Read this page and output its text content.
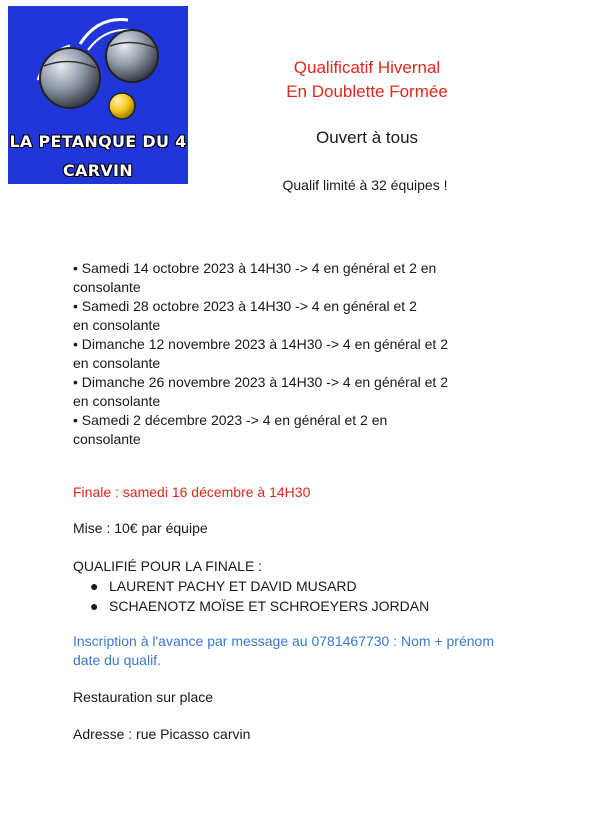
LA PETANQUE DU 4
CARVIN
Qualificatif Hivernal
En Doublette Formée
Ouvert à tous
Qualif limité à 32 équipes !
• Samedi 14 octobre 2023 à 14H30 -> 4 en général et 2 en
consolante
• Samedi 28 octobre 2023 à 14H30 -> 4 en général et 2
en consolante
• Dimanche 12 novembre 2023 à 14H30 -> 4 en général et 2
en consolante
• Dimanche 26 novembre 2023 à 14H30 -> 4 en général et 2
en consolante
• Samedi 2 décembre 2023 -> 4 en général et 2 en
consolante
Finale : samedi 16 décembre à 14H30
Mise : 10€ par équipe
QUALIFIÉ POUR LA FINALE :
● LAURENT PACHY ET DAVID MUSARD
● SCHAENOTZ MOÏSE ET SCHROEYERS JORDAN
Inscription à l'avance par message au 0781467730 : Nom + prénom
date du qualif.
Restauration sur place
Adresse : rue Picasso carvin
